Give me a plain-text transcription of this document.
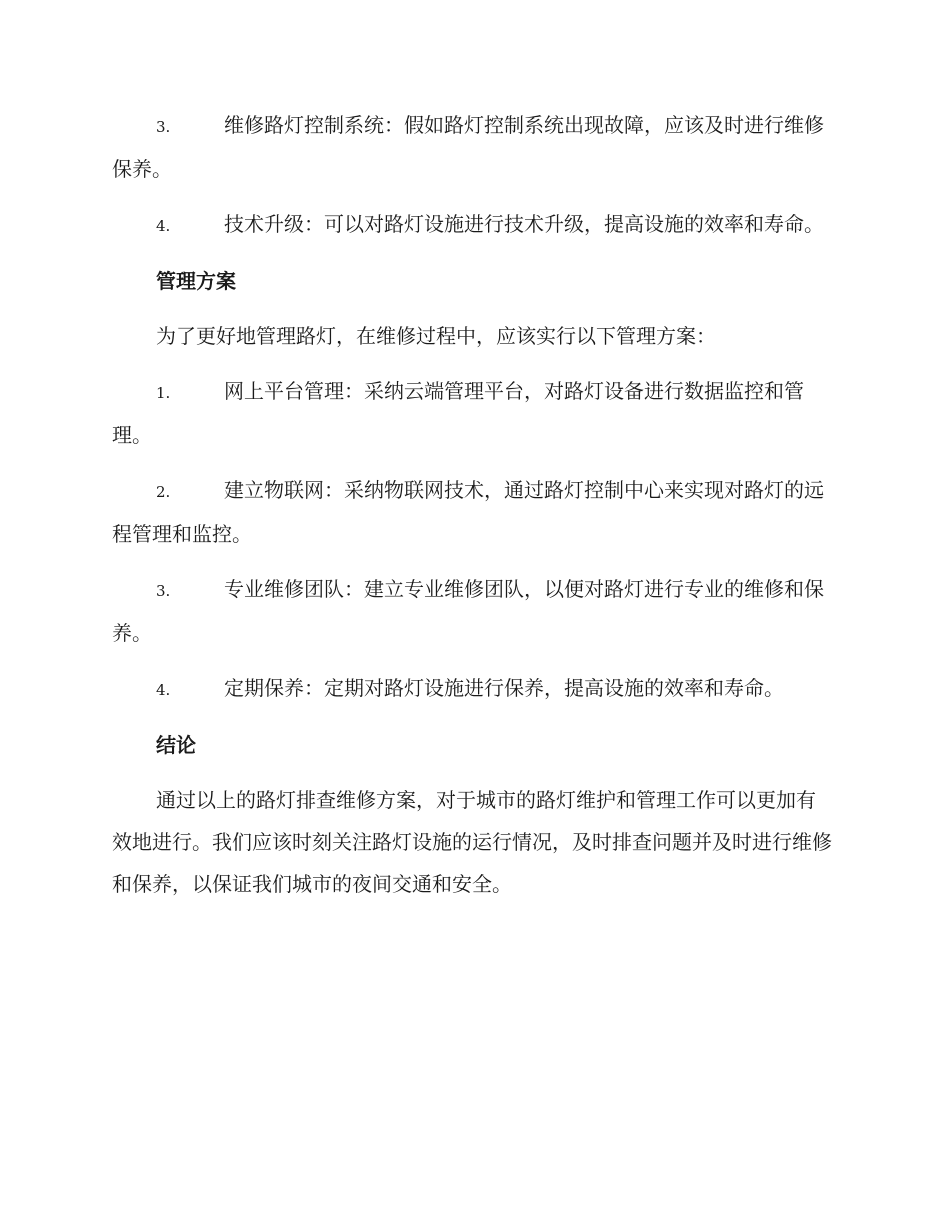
3.	维修路灯控制系统：假如路灯控制系统出现故障，应该及时进行维修保养。
4.	技术升级：可以对路灯设施进行技术升级，提高设施的效率和寿命。
管理方案
为了更好地管理路灯，在维修过程中，应该实行以下管理方案：
1.	网上平台管理：采纳云端管理平台，对路灯设备进行数据监控和管理。
2.	建立物联网：采纳物联网技术，通过路灯控制中心来实现对路灯的远程管理和监控。
3.	专业维修团队：建立专业维修团队，以便对路灯进行专业的维修和保养。
4.	定期保养：定期对路灯设施进行保养，提高设施的效率和寿命。
结论
通过以上的路灯排查维修方案，对于城市的路灯维护和管理工作可以更加有效地进行。我们应该时刻关注路灯设施的运行情况，及时排查问题并及时进行维修和保养，以保证我们城市的夜间交通和安全。
